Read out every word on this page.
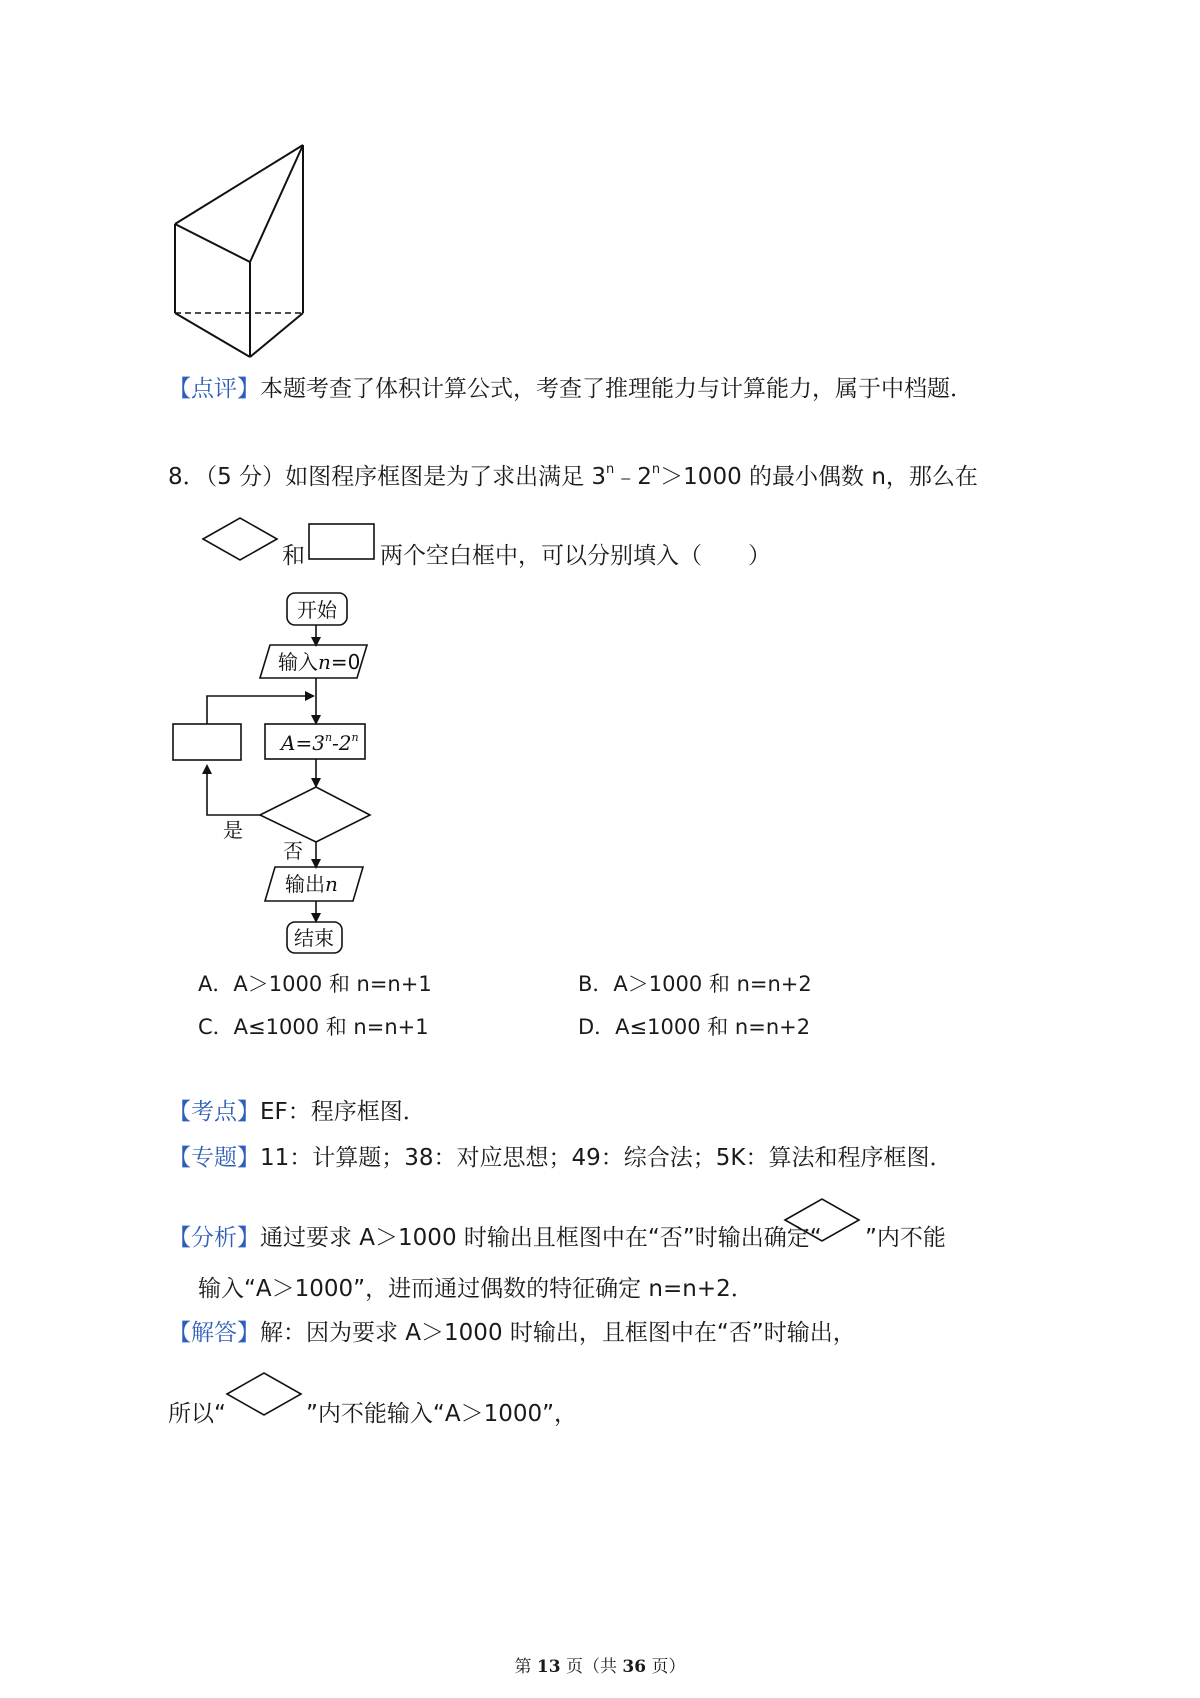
【点评】本题考查了体积计算公式，考查了推理能力与计算能力，属于中档题．
8．（5 分）如图程序框图是为了求出满足 $3^n﹣2^n>1000$ 的最小偶数 n，那么在
和	两个空白框中，可以分别填入（　　）
开始
输入n=0
$A=3^n-2^n$
是
否
输出n
结束
A．A＞1000 和 n=n+1	B．A＞1000 和 n=n+2
C．A≤1000 和 n=n+1	D．A≤1000 和 n=n+2
【考点】EF：程序框图．
【专题】11：计算题；38：对应思想；49：综合法；5K：算法和程序框图．
【分析】通过要求 A＞1000 时输出且框图中在“否”时输出确定“ ”内不能
输入“A＞1000”，进而通过偶数的特征确定 n=n+2．
【解答】解：因为要求 A＞1000 时输出，且框图中在“否”时输出，
所以“	”内不能输入“A＞1000”，
第 13 页（共 36 页）
